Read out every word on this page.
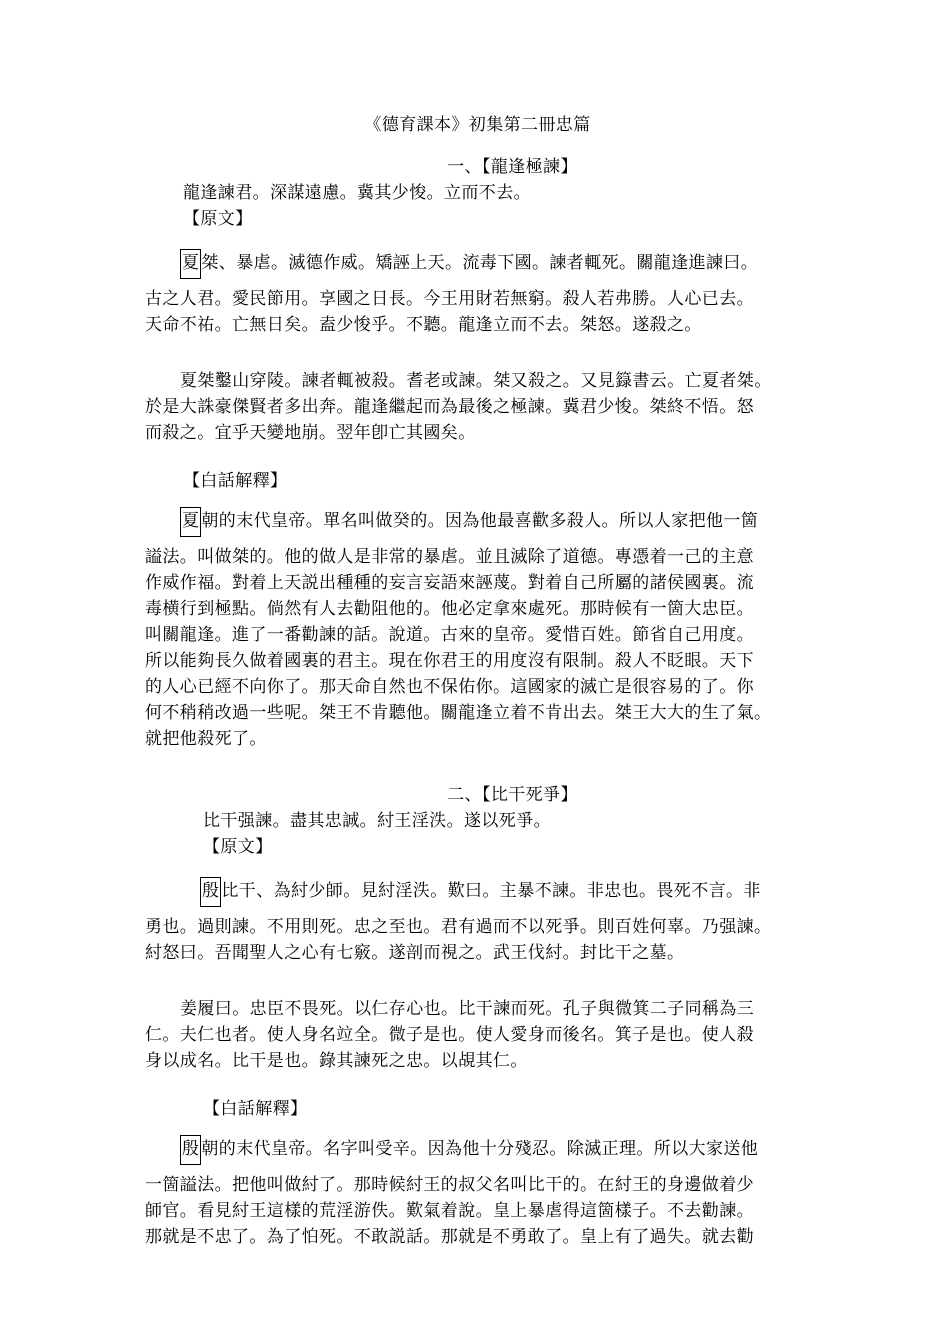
《德育課本》初集第二冊忠篇
一、【龍逢極諫】
龍逢諫君。深謀遠慮。冀其少悛。立而不去。
【原文】
夏 桀、暴虐。滅德作威。矯誣上天。流毒下國。諫者輒死。關龍逢進諫曰。
古之人君。愛民節用。享國之日長。今王用財若無窮。殺人若弗勝。人心已去。
天命不祐。亡無日矣。盍少悛乎。不聽。龍逢立而不去。桀怒。遂殺之。
夏桀鑿山穿陵。諫者輒被殺。耆老或諫。桀又殺之。又見籙書云。亡夏者桀。
於是大誅豪傑賢者多出奔。龍逢繼起而為最後之極諫。冀君少悛。桀終不悟。怒
而殺之。宜乎天變地崩。翌年卽亡其國矣。
【白話解釋】
夏 朝的末代皇帝。單名叫做癸的。因為他最喜歡多殺人。所以人家把他一箇
謚法。叫做桀的。他的做人是非常的暴虐。並且滅除了道德。專憑着一己的主意
作威作福。對着上天説出種種的妄言妄語來誣蔑。對着自己所屬的諸侯國裏。流
毒横行到極點。倘然有人去勸阻他的。他必定拿來處死。那時候有一箇大忠臣。
叫關龍逢。進了一番勸諫的話。說道。古來的皇帝。愛惜百姓。節省自己用度。
所以能夠長久做着國裏的君主。現在你君王的用度沒有限制。殺人不眨眼。天下
的人心已經不向你了。那天命自然也不保佑你。這國家的滅亡是很容易的了。你
何不稍稍改過一些呢。桀王不肯聽他。關龍逢立着不肯出去。桀王大大的生了氣。
就把他殺死了。
二、【比干死爭】
比干强諫。盡其忠誠。紂王淫泆。遂以死爭。
【原文】
殷 比干、為紂少師。見紂淫泆。歎曰。主暴不諫。非忠也。畏死不言。非
勇也。過則諫。不用則死。忠之至也。君有過而不以死爭。則百姓何辜。乃强諫。
紂怒曰。吾聞聖人之心有七竅。遂剖而視之。武王伐紂。封比干之墓。
姜履曰。忠臣不畏死。以仁存心也。比干諫而死。孔子與微箕二子同稱為三
仁。夫仁也者。使人身名竝全。微子是也。使人愛身而後名。箕子是也。使人殺
身以成名。比干是也。錄其諫死之忠。以覘其仁。
【白話解釋】
殷 朝的末代皇帝。名字叫受辛。因為他十分殘忍。除滅正理。所以大家送他
一箇謚法。把他叫做紂了。那時候紂王的叔父名叫比干的。在紂王的身邊做着少
師官。看見紂王這樣的荒淫游佚。歎氣着說。皇上暴虐得這箇樣子。不去勸諫。
那就是不忠了。為了怕死。不敢説話。那就是不勇敢了。皇上有了過失。就去勸
